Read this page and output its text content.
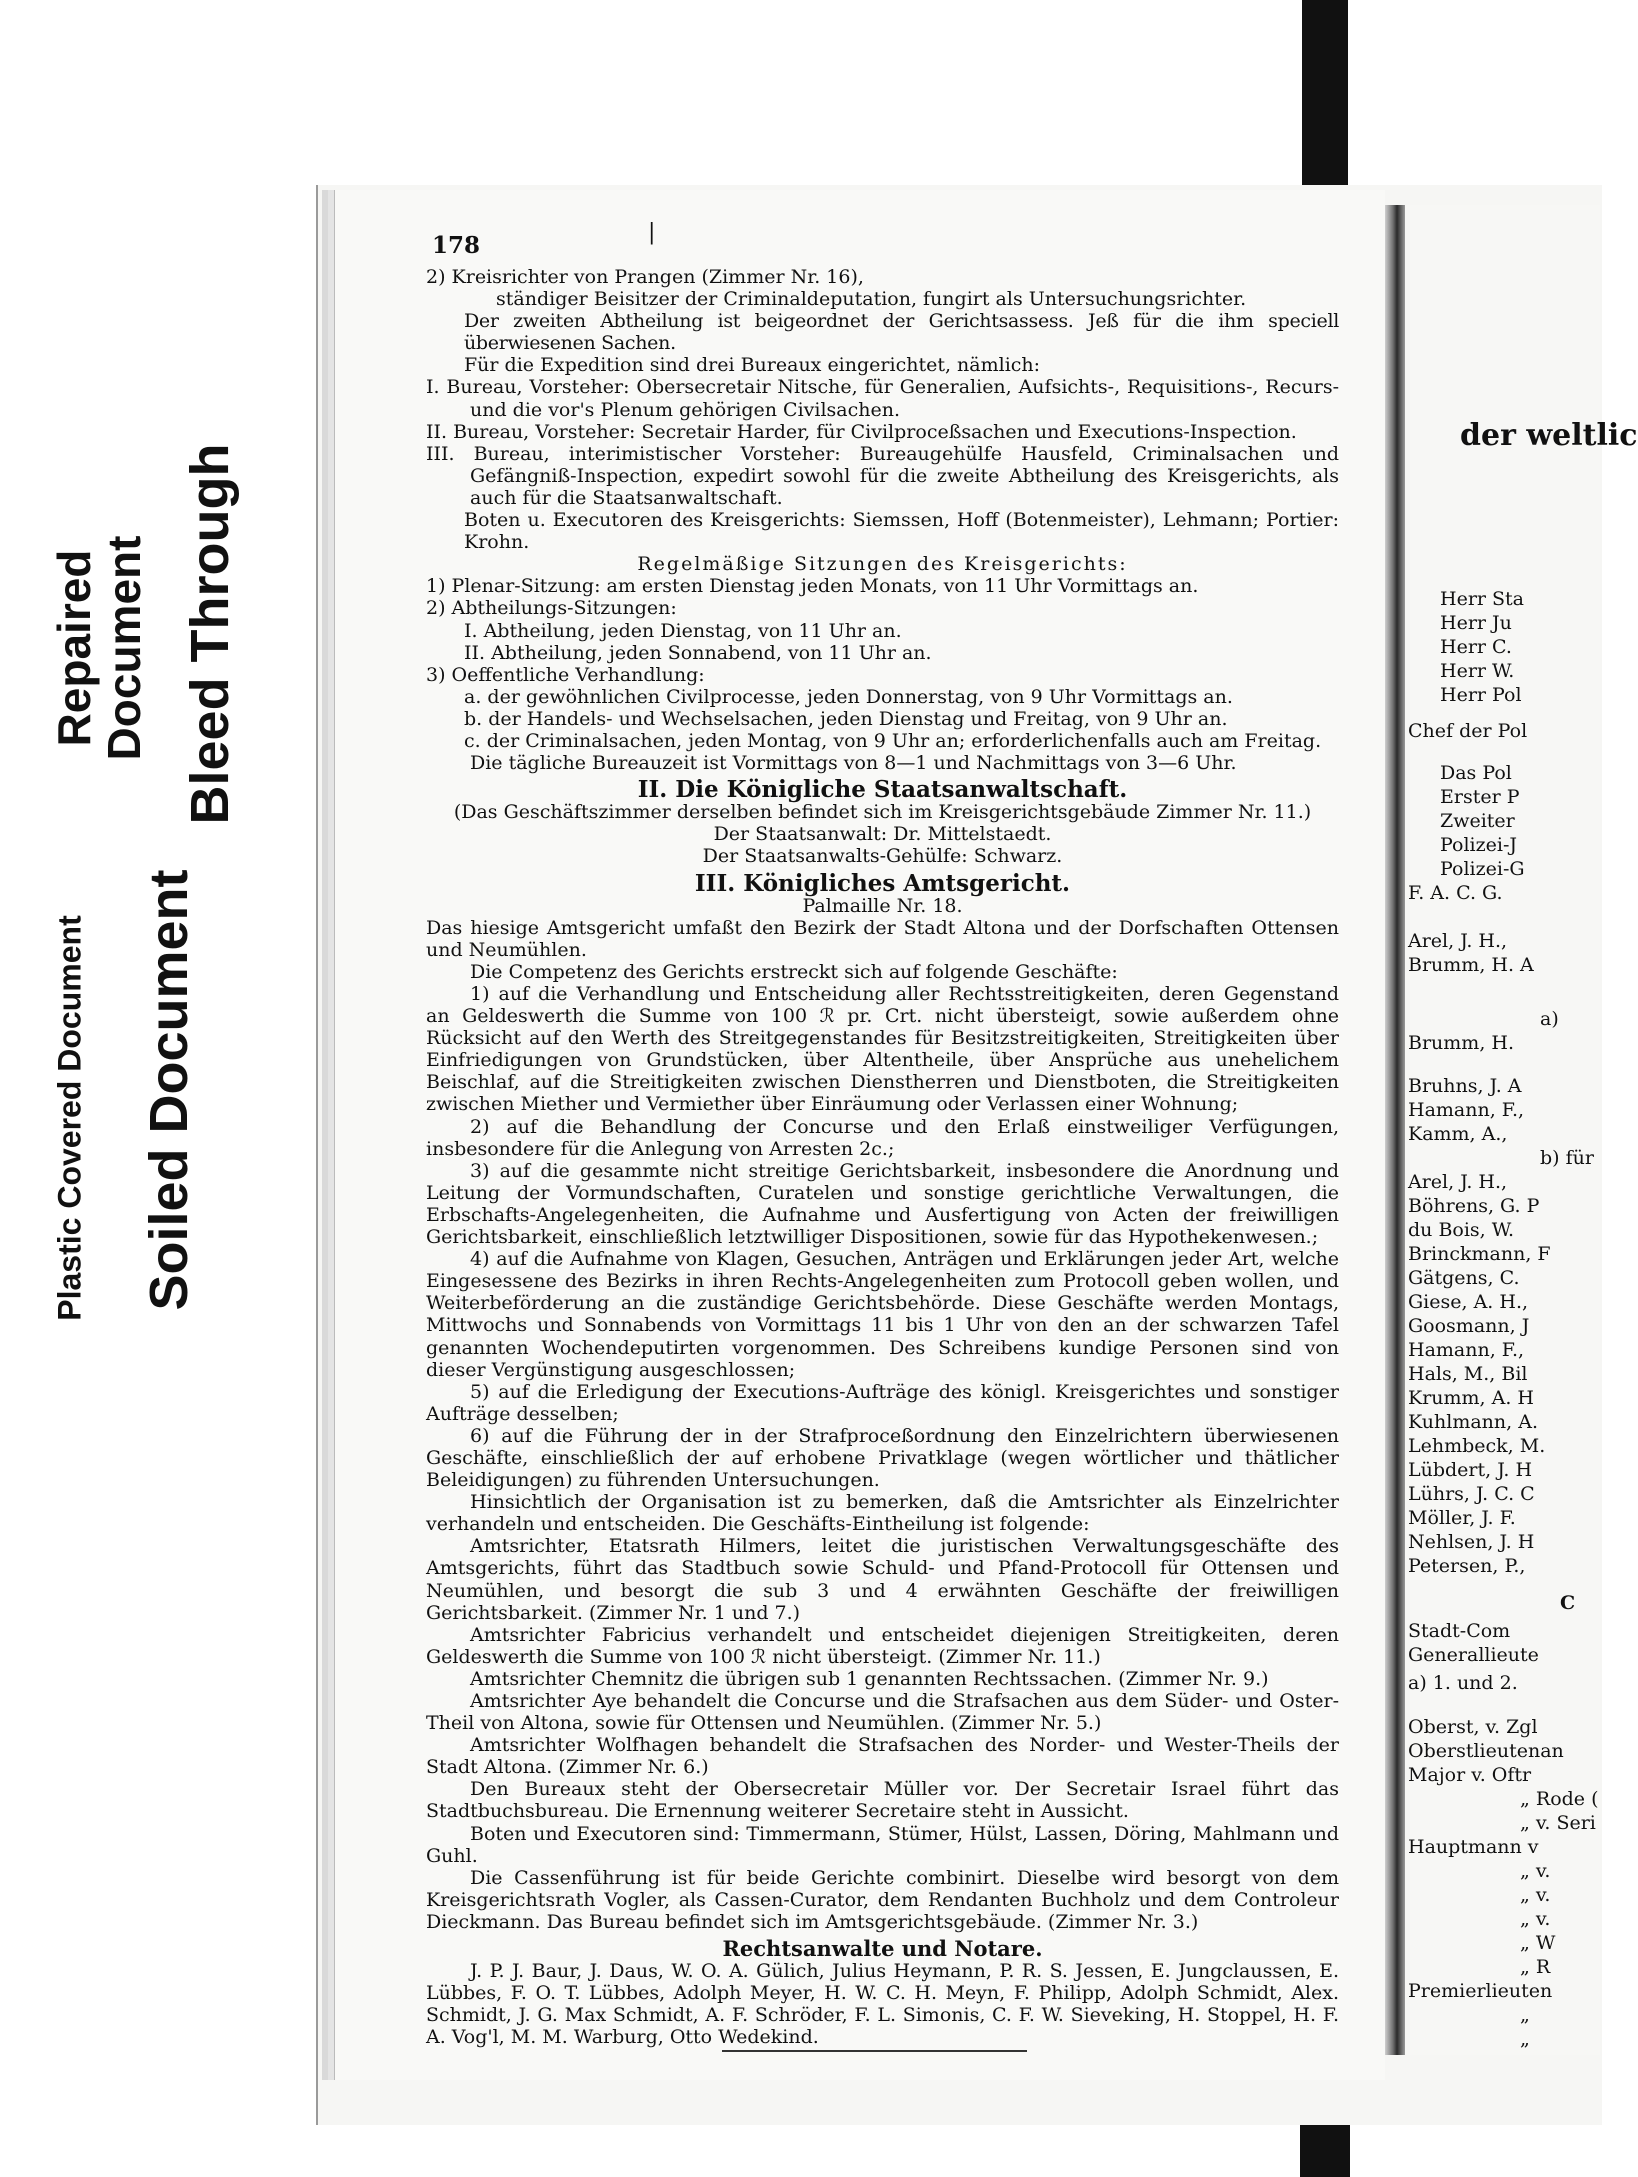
Repaired Document Bleed Through
Plastic Covered Document Soiled Document
178	|

2) Kreisrichter von Prangen (Zimmer Nr. 16),

ständiger Beisitzer der Criminaldeputation, fungirt als Untersuchungsrichter.

Der zweiten Abtheilung ist beigeordnet der Gerichtsassess. Jeß für die ihm speciell überwiesenen Sachen.

Für die Expedition sind drei Bureaux eingerichtet, nämlich:

I. Bureau, Vorsteher: Obersecretair Nitsche, für Generalien, Aufsichts-, Requisitions-, Recurs- und die vor's Plenum gehörigen Civilsachen.

II. Bureau, Vorsteher: Secretair Harder, für Civilproceßsachen und Executions-Inspection.

III. Bureau, interimistischer Vorsteher: Bureaugehülfe Hausfeld, Criminalsachen und Gefängniß-Inspection, expedirt sowohl für die zweite Abtheilung des Kreisgerichts, als auch für die Staatsanwaltschaft.

Boten u. Executoren des Kreisgerichts: Siemssen, Hoff (Botenmeister), Lehmann; Portier: Krohn.

Regelmäßige Sitzungen des Kreisgerichts:

1) Plenar-Sitzung: am ersten Dienstag jeden Monats, von 11 Uhr Vormittags an.

2) Abtheilungs-Sitzungen:

I. Abtheilung, jeden Dienstag, von 11 Uhr an.

II. Abtheilung, jeden Sonnabend, von 11 Uhr an.

3) Oeffentliche Verhandlung:

a. der gewöhnlichen Civilprocesse, jeden Donnerstag, von 9 Uhr Vormittags an.

b. der Handels- und Wechselsachen, jeden Dienstag und Freitag, von 9 Uhr an.

c. der Criminalsachen, jeden Montag, von 9 Uhr an; erforderlichenfalls auch am Freitag.

Die tägliche Bureauzeit ist Vormittags von 8—1 und Nachmittags von 3—6 Uhr.

II. Die Königliche Staatsanwaltschaft.

(Das Geschäftszimmer derselben befindet sich im Kreisgerichtsgebäude Zimmer Nr. 11.)

Der Staatsanwalt: Dr. Mittelstaedt.

Der Staatsanwalts-Gehülfe: Schwarz.

III. Königliches Amtsgericht.

Palmaille Nr. 18.

Das hiesige Amtsgericht umfaßt den Bezirk der Stadt Altona und der Dorfschaften Ottensen und Neumühlen.

Die Competenz des Gerichts erstreckt sich auf folgende Geschäfte:

1) auf die Verhandlung und Entscheidung aller Rechtsstreitigkeiten, deren Gegenstand an Geldeswerth die Summe von 100 ℛ pr. Crt. nicht übersteigt, sowie außerdem ohne Rücksicht auf den Werth des Streitgegenstandes für Besitzstreitigkeiten, Streitigkeiten über Einfriedigungen von Grundstücken, über Altentheile, über Ansprüche aus unehelichem Beischlaf, auf die Streitigkeiten zwischen Dienstherren und Dienstboten, die Streitigkeiten zwischen Miether und Vermiether über Einräumung oder Verlassen einer Wohnung;

2) auf die Behandlung der Concurse und den Erlaß einstweiliger Verfügungen, insbesondere für die Anlegung von Arresten 2c.;

3) auf die gesammte nicht streitige Gerichtsbarkeit, insbesondere die Anordnung und Leitung der Vormundschaften, Curatelen und sonstige gerichtliche Verwaltungen, die Erbschafts-Angelegenheiten, die Aufnahme und Ausfertigung von Acten der freiwilligen Gerichtsbarkeit, einschließlich letztwilliger Dispositionen, sowie für das Hypothekenwesen.;

4) auf die Aufnahme von Klagen, Gesuchen, Anträgen und Erklärungen jeder Art, welche Eingesessene des Bezirks in ihren Rechts-Angelegenheiten zum Protocoll geben wollen, und Weiterbeförderung an die zuständige Gerichtsbehörde. Diese Geschäfte werden Montags, Mittwochs und Sonnabends von Vormittags 11 bis 1 Uhr von den an der schwarzen Tafel genannten Wochendeputirten vorgenommen. Des Schreibens kundige Personen sind von dieser Vergünstigung ausgeschlossen;

5) auf die Erledigung der Executions-Aufträge des königl. Kreisgerichtes und sonstiger Aufträge desselben;

6) auf die Führung der in der Strafproceßordnung den Einzelrichtern überwiesenen Geschäfte, einschließlich der auf erhobene Privatklage (wegen wörtlicher und thätlicher Beleidigungen) zu führenden Untersuchungen.

Hinsichtlich der Organisation ist zu bemerken, daß die Amtsrichter als Einzelrichter verhandeln und entscheiden. Die Geschäfts-Eintheilung ist folgende:

Amtsrichter, Etatsrath Hilmers, leitet die juristischen Verwaltungsgeschäfte des Amtsgerichts, führt das Stadtbuch sowie Schuld- und Pfand-Protocoll für Ottensen und Neumühlen, und besorgt die sub 3 und 4 erwähnten Geschäfte der freiwilligen Gerichtsbarkeit. (Zimmer Nr. 1 und 7.)

Amtsrichter Fabricius verhandelt und entscheidet diejenigen Streitigkeiten, deren Geldeswerth die Summe von 100 ℛ nicht übersteigt. (Zimmer Nr. 11.)

Amtsrichter Chemnitz die übrigen sub 1 genannten Rechtssachen. (Zimmer Nr. 9.)

Amtsrichter Aye behandelt die Concurse und die Strafsachen aus dem Süder- und Oster-Theil von Altona, sowie für Ottensen und Neumühlen. (Zimmer Nr. 5.)

Amtsrichter Wolfhagen behandelt die Strafsachen des Norder- und Wester-Theils der Stadt Altona. (Zimmer Nr. 6.)

Den Bureaux steht der Obersecretair Müller vor. Der Secretair Israel führt das Stadtbuchsbureau. Die Ernennung weiterer Secretaire steht in Aussicht.

Boten und Executoren sind: Timmermann, Stümer, Hülst, Lassen, Döring, Mahlmann und Guhl.

Die Cassenführung ist für beide Gerichte combinirt. Dieselbe wird besorgt von dem Kreisgerichtsrath Vogler, als Cassen-Curator, dem Rendanten Buchholz und dem Controleur Dieckmann. Das Bureau befindet sich im Amtsgerichtsgebäude. (Zimmer Nr. 3.)

Rechtsanwalte und Notare.

J. P. J. Baur, J. Daus, W. O. A. Gülich, Julius Heymann, P. R. S. Jessen, E. Jungclaussen, E. Lübbes, F. O. T. Lübbes, Adolph Meyer, H. W. C. H. Meyn, F. Philipp, Adolph Schmidt, Alex. Schmidt, J. G. Max Schmidt, A. F. Schröder, F. L. Simonis, C. F. W. Sieveking, H. Stoppel, H. F. A. Vog'l, M. M. Warburg, Otto Wedekind.

der weltlic
Herr Sta
Herr Ju
Herr C.
Herr W.
Herr Pol
Chef der Pol
Das Pol
Erster P
Zweiter
Polizei-J
Polizei-G
F. A. C. G.
Arel, J. H.,
Brumm, H. A
a)
Brumm, H.
Bruhns, J. A
Hamann, F.,
Kamm, A.,
b) für
Arel, J. H.,
Böhrens, G. P
du Bois, W.
Brinckmann, F
Gätgens, C.
Giese, A. H.,
Goosmann, J
Hamann, F.,
Hals, M., Bil
Krumm, A. H
Kuhlmann, A.
Lehmbeck, M.
Lübdert, J. H
Lührs, J. C. C
Möller, J. F.
Nehlsen, J. H
Petersen, P.,
C
Stadt-Com
Generallieute
a) 1. und 2.
Oberst, v. Zgl
Oberstlieutenan
Major v. Oftr
„ Rode (
„ v. Seri
Hauptmann v
„ v.
„ v.
„ v.
„ W
„ R
Premierlieuten
„
„
